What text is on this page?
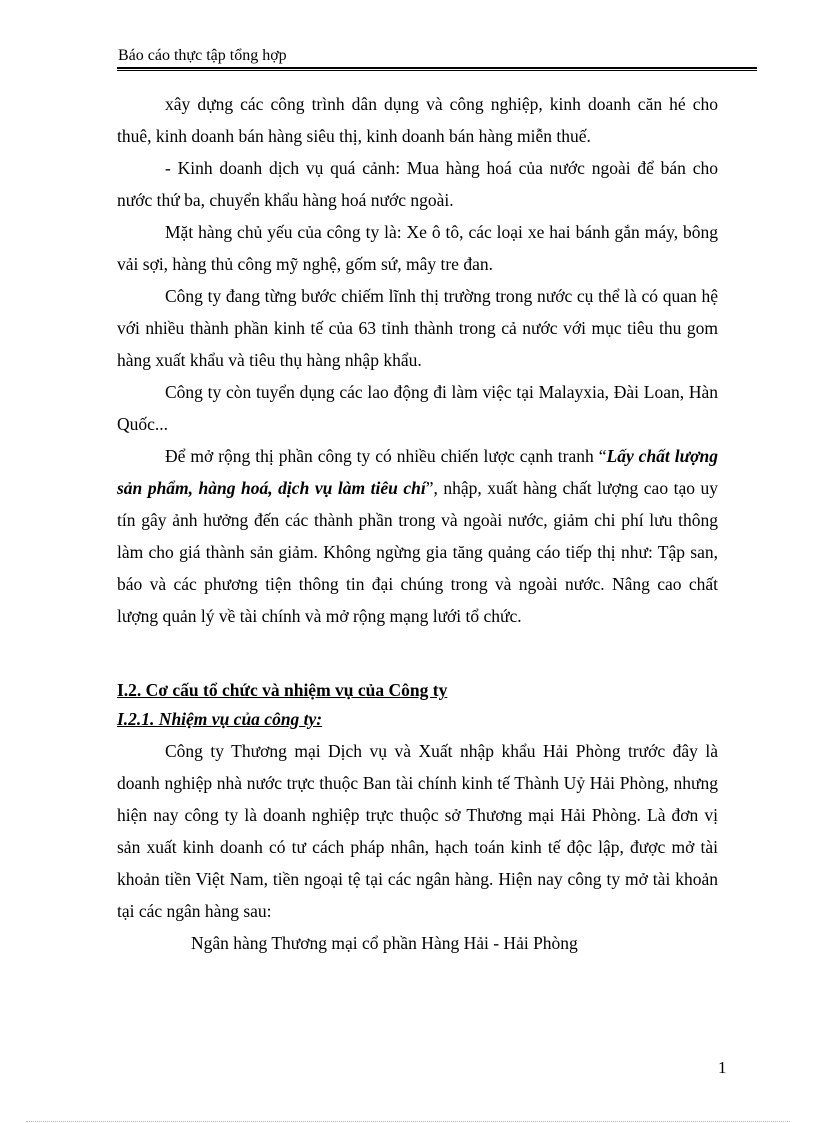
Báo cáo thực tập tổng hợp

xây dựng các công trình dân dụng và công nghiệp, kinh doanh căn hé cho thuê, kinh doanh bán hàng siêu thị, kinh doanh bán hàng miễn thuế.

- Kinh doanh dịch vụ quá cảnh: Mua hàng hoá của nước ngoài để bán cho nước thứ ba, chuyển khẩu hàng hoá nước ngoài.

Mặt hàng chủ yếu của công ty là: Xe ô tô, các loại xe hai bánh gắn máy, bông vải sợi, hàng thủ công mỹ nghệ, gốm sứ, mây tre đan.

Công ty đang từng bước chiếm lĩnh thị trường trong nước cụ thể là có quan hệ với nhiều thành phần kinh tế của 63 tỉnh thành trong cả nước với mục tiêu thu gom hàng xuất khẩu và tiêu thụ hàng nhập khẩu.

Công ty còn tuyển dụng các lao động đi làm việc tại Malayxia, Đài Loan, Hàn Quốc...

Để mở rộng thị phần công ty có nhiều chiến lược cạnh tranh “Lấy chất lượng sản phẩm, hàng hoá, dịch vụ làm tiêu chí”, nhập, xuất hàng chất lượng cao tạo uy tín gây ảnh hưởng đến các thành phần trong và ngoài nước, giảm chi phí lưu thông làm cho giá thành sản giảm. Không ngừng gia tăng quảng cáo tiếp thị như: Tập san, báo và các phương tiện thông tin đại chúng trong và ngoài nước. Nâng cao chất lượng quản lý về tài chính và mở rộng mạng lưới tổ chức.

I.2. Cơ cấu tổ chức và nhiệm vụ của Công ty

I.2.1. Nhiệm vụ của công ty:

Công ty Thương mại Dịch vụ và Xuất nhập khẩu Hải Phòng trước đây là doanh nghiệp nhà nước trực thuộc Ban tài chính kinh tế Thành Uỷ Hải Phòng, nhưng hiện nay công ty là doanh nghiệp trực thuộc sở Thương mại Hải Phòng. Là đơn vị sản xuất kinh doanh có tư cách pháp nhân, hạch toán kinh tế độc lập, được mở tài khoản tiền Việt Nam, tiền ngoại tệ tại các ngân hàng. Hiện nay công ty mở tài khoản tại các ngân hàng sau:

Ngân hàng Thương mại cổ phần Hàng Hải - Hải Phòng

1
